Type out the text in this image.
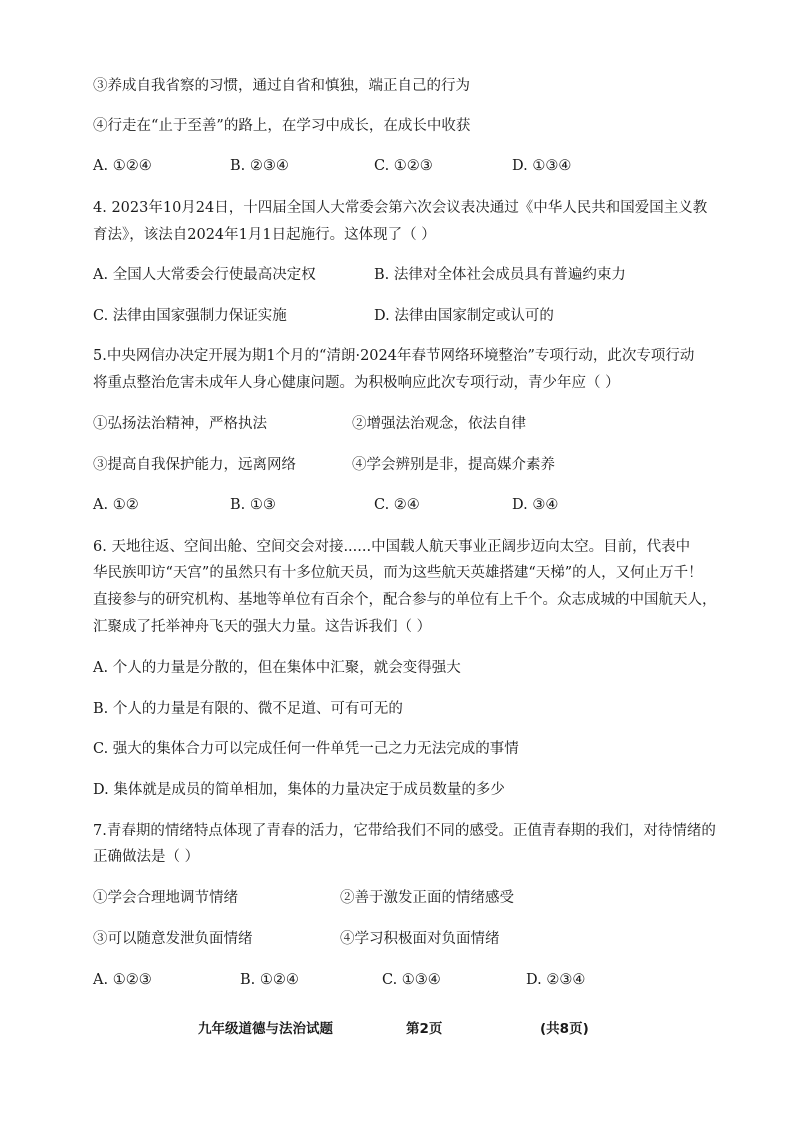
③养成自我省察的习惯，通过自省和慎独，端正自己的行为
④行走在“止于至善”的路上，在学习中成长，在成长中收获
A. ①②④	B. ②③④	C. ①②③	D. ①③④
4. 2023年10月24日，十四届全国人大常委会第六次会议表决通过《中华人民共和国爱国主义教
育法》，该法自2024年1月1日起施行。这体现了（ ）
A. 全国人大常委会行使最高决定权	B. 法律对全体社会成员具有普遍约束力
C. 法律由国家强制力保证实施	D. 法律由国家制定或认可的
5.中央网信办决定开展为期1个月的“清朗·2024年春节网络环境整治”专项行动，此次专项行动
将重点整治危害未成年人身心健康问题。为积极响应此次专项行动，青少年应（ ）
①弘扬法治精神，严格执法	②增强法治观念，依法自律
③提高自我保护能力，远离网络	④学会辨别是非，提高媒介素养
A. ①②	B. ①③	C. ②④	D. ③④
6. 天地往返、空间出舱、空间交会对接......中国载人航天事业正阔步迈向太空。目前，代表中
华民族叩访“天宫”的虽然只有十多位航天员，而为这些航天英雄搭建“天梯”的人，又何止万千！
直接参与的研究机构、基地等单位有百余个，配合参与的单位有上千个。众志成城的中国航天人，
汇聚成了托举神舟飞天的强大力量。这告诉我们（ ）
A. 个人的力量是分散的，但在集体中汇聚，就会变得强大
B. 个人的力量是有限的、微不足道、可有可无的
C. 强大的集体合力可以完成任何一件单凭一己之力无法完成的事情
D. 集体就是成员的简单相加，集体的力量决定于成员数量的多少
7.青春期的情绪特点体现了青春的活力，它带给我们不同的感受。正值青春期的我们，对待情绪的
正确做法是（ ）
①学会合理地调节情绪	②善于激发正面的情绪感受
③可以随意发泄负面情绪	④学习积极面对负面情绪
A. ①②③	B. ①②④	C. ①③④	D. ②③④
九年级道德与法治试题	第2页	(共8页)
